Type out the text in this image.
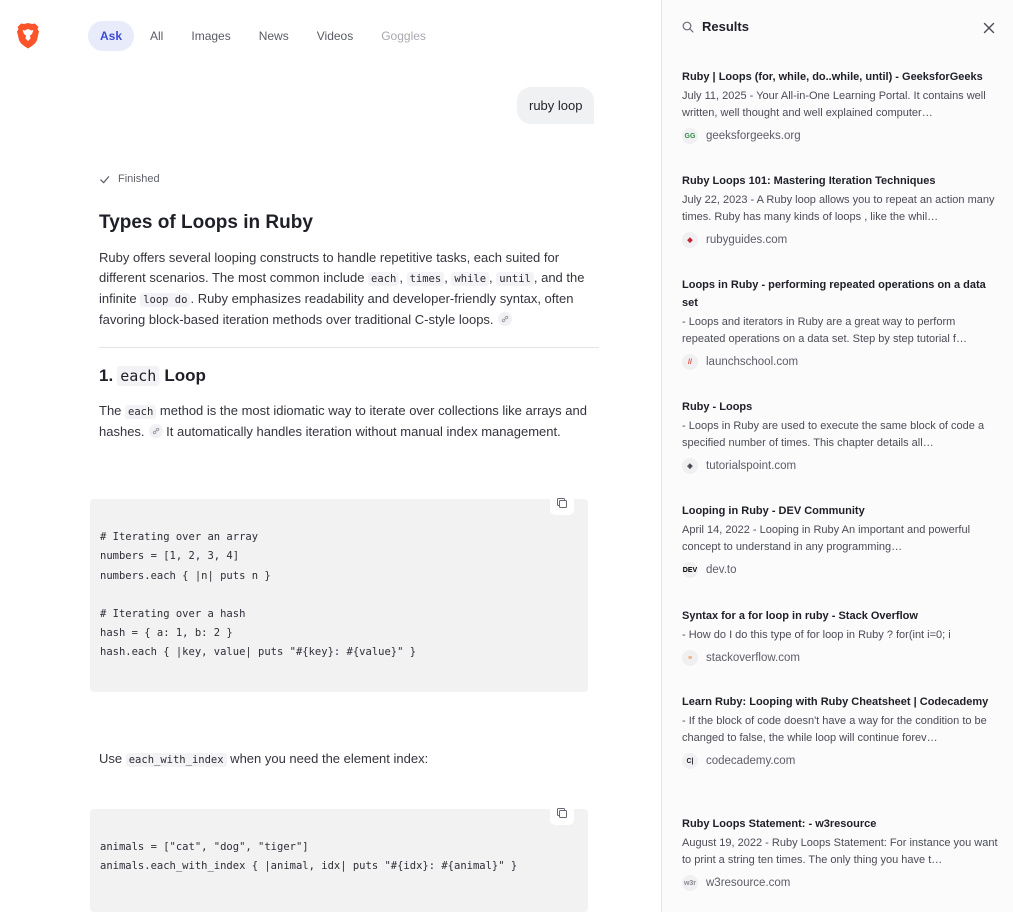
Ask	All	Images	News	Videos	Goggles
ruby loop
Finished
Types of Loops in Ruby
Ruby offers several looping constructs to handle repetitive tasks, each suited for different scenarios. The most common include each , times , while , until , and the infinite loop do . Ruby emphasizes readability and developer-friendly syntax, often favoring block-based iteration methods over traditional C-style loops.
1. each Loop
The each method is the most idiomatic way to iterate over collections like arrays and hashes.
It automatically handles iteration without manual index management.

# Iterating over an array
numbers = [1, 2, 3, 4]
numbers.each { |n| puts n }

# Iterating over a hash
hash = { a: 1, b: 2 }
hash.each { |key, value| puts "#{key}: #{value}" }

Use each_with_index when you need the element index:

animals = ["cat", "dog", "tiger"]
animals.each_with_index { |animal, idx| puts "#{idx}: #{animal}" }

Results
Ruby | Loops (for, while, do..while, until) - GeeksforGeeks
July 11, 2025 - Your All-in-One Learning Portal. It contains well written, well thought and well explained computer…
GG geeksforgeeks.org
Ruby Loops 101: Mastering Iteration Techniques
July 22, 2023 - A Ruby loop allows you to repeat an action many times. Ruby has many kinds of loops , like the whil…
◆	rubyguides.com
Loops in Ruby - performing repeated operations on a data set
- Loops and iterators in Ruby are a great way to perform repeated operations on a data set. Step by step tutorial f…
//	launchschool.com
Ruby - Loops
- Loops in Ruby are used to execute the same block of code a specified number of times. This chapter details all…
◈	tutorialspoint.com
Looping in Ruby - DEV Community
April 14, 2022 - Looping in Ruby An important and powerful concept to understand in any programming…
DEV dev.to
Syntax for a for loop in ruby - Stack Overflow
- How do I do this type of for loop in Ruby ? for(int i=0; i
≡	stackoverflow.com
Learn Ruby: Looping with Ruby Cheatsheet | Codecademy
- If the block of code doesn't have a way for the condition to be changed to false, the while loop will continue forev…
C|	codecademy.com
Ruby Loops Statement: - w3resource
August 19, 2022 - Ruby Loops Statement: For instance you want to print a string ten times. The only thing you have t…
w3r w3resource.com
